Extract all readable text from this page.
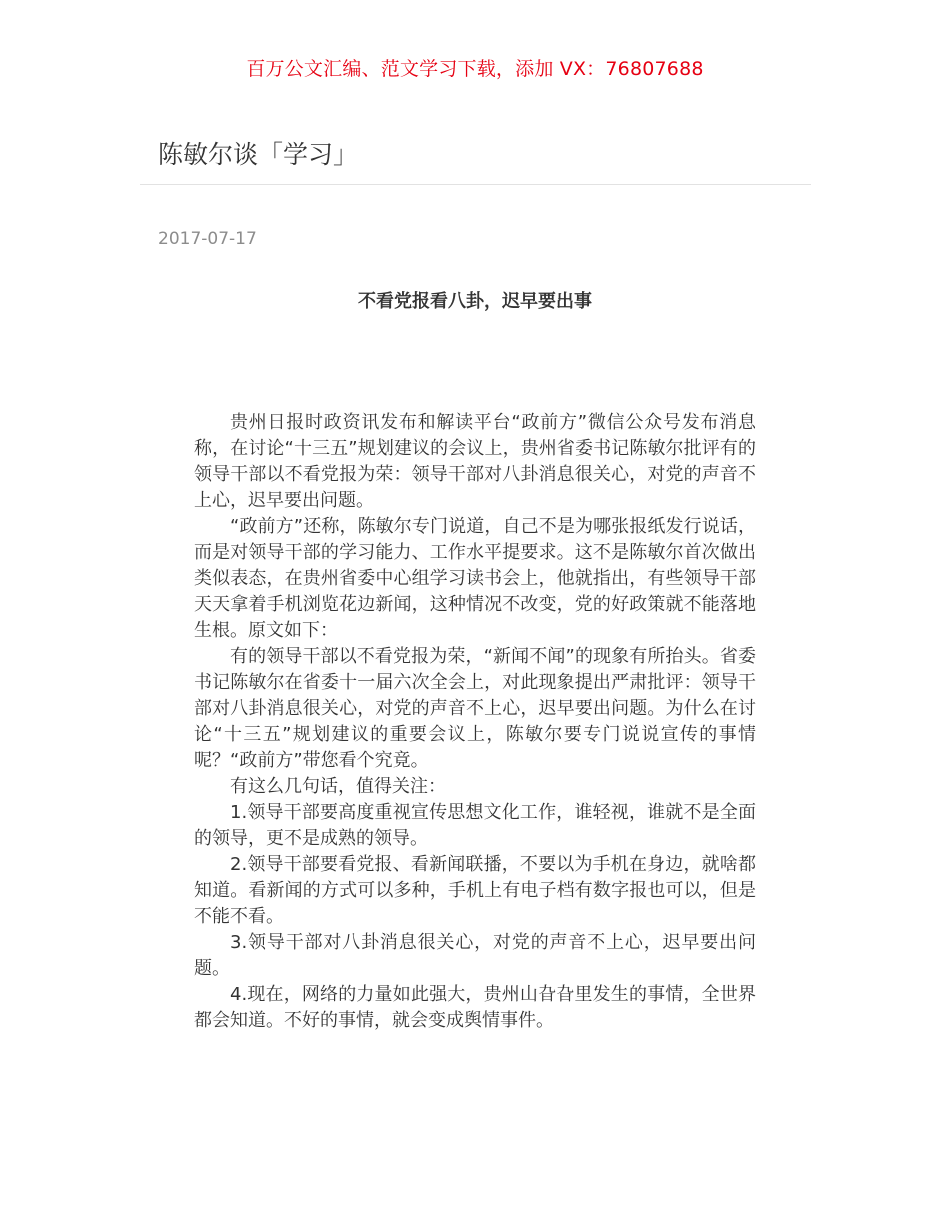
百万公文汇编、范文学习下载，添加 VX：76807688
陈敏尔谈「学习」
2017-07-17
不看党报看八卦，迟早要出事

贵州日报时政资讯发布和解读平台“政前方”微信公众号发布消息称，在讨论“十三五”规划建议的会议上，贵州省委书记陈敏尔批评有的领导干部以不看党报为荣：领导干部对八卦消息很关心，对党的声音不上心，迟早要出问题。

“政前方”还称，陈敏尔专门说道，自己不是为哪张报纸发行说话，而是对领导干部的学习能力、工作水平提要求。这不是陈敏尔首次做出类似表态，在贵州省委中心组学习读书会上，他就指出，有些领导干部天天拿着手机浏览花边新闻，这种情况不改变，党的好政策就不能落地生根。原文如下：

有的领导干部以不看党报为荣，“新闻不闻”的现象有所抬头。省委书记陈敏尔在省委十一届六次全会上，对此现象提出严肃批评：领导干部对八卦消息很关心，对党的声音不上心，迟早要出问题。为什么在讨论“十三五”规划建议的重要会议上，陈敏尔要专门说说宣传的事情呢？“政前方”带您看个究竟。

有这么几句话，值得关注：

1.领导干部要高度重视宣传思想文化工作，谁轻视，谁就不是全面的领导，更不是成熟的领导。

2.领导干部要看党报、看新闻联播，不要以为手机在身边，就啥都知道。看新闻的方式可以多种，手机上有电子档有数字报也可以，但是不能不看。

3.领导干部对八卦消息很关心，对党的声音不上心，迟早要出问题。

4.现在，网络的力量如此强大，贵州山旮旮里发生的事情，全世界都会知道。不好的事情，就会变成舆情事件。
